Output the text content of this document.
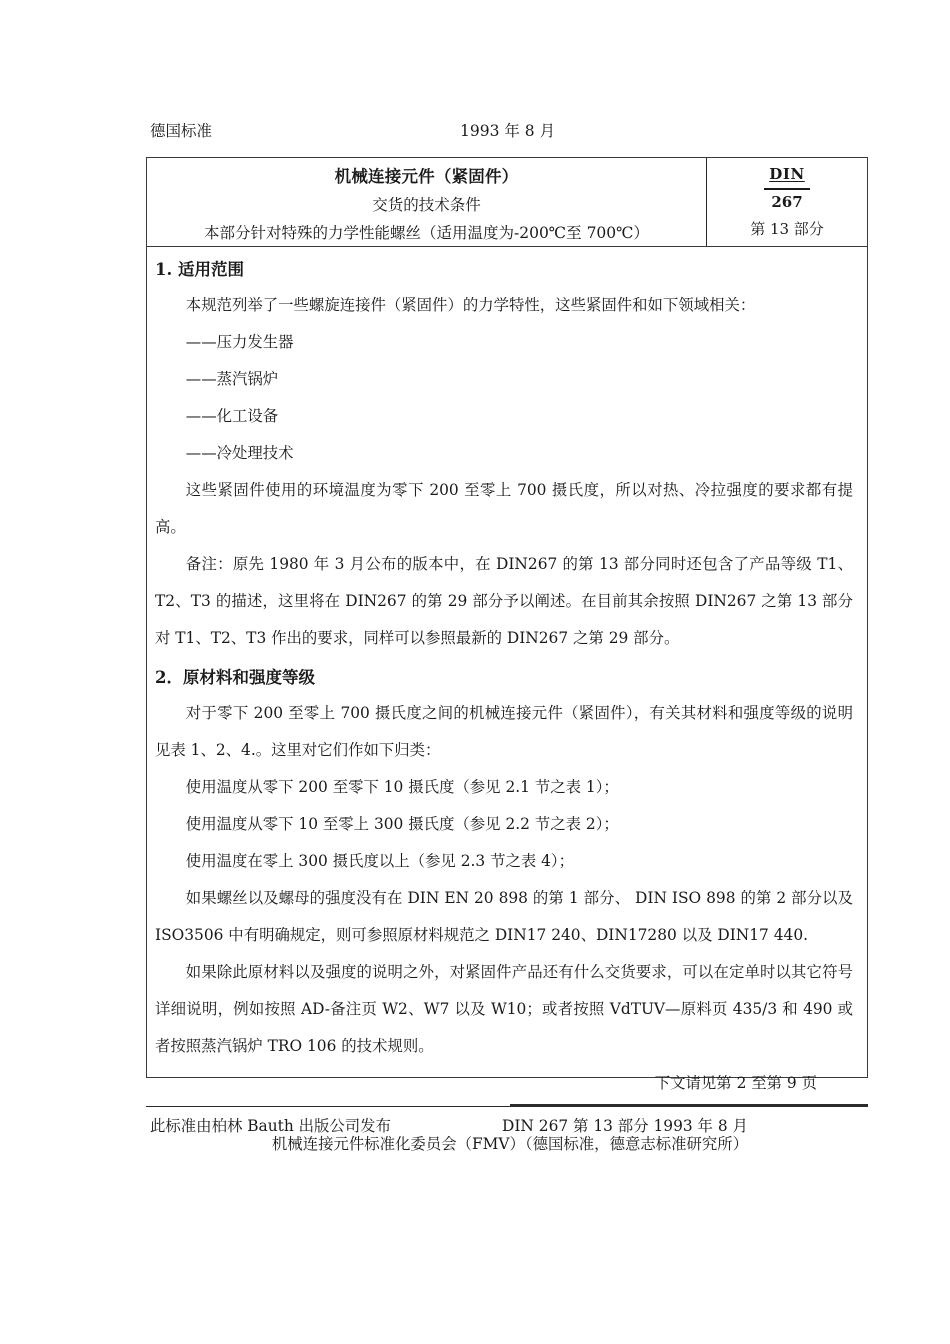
德国标准	1993 年 8 月
机械连接元件（紧固件）
交货的技术条件
本部分针对特殊的力学性能螺丝（适用温度为-200℃至 700℃）
DIN
267
第 13 部分

1. 适用范围

本规范列举了一些螺旋连接件（紧固件）的力学特性，这些紧固件和如下领域相关：

——压力发生器

——蒸汽锅炉

——化工设备

——冷处理技术

这些紧固件使用的环境温度为零下 200 至零上 700 摄氏度，所以对热、冷拉强度的要求都有提高。

备注：原先 1980 年 3 月公布的版本中，在 DIN267 的第 13 部分同时还包含了产品等级 T1、T2、T3 的描述，这里将在 DIN267 的第 29 部分予以阐述。在目前其余按照 DIN267 之第 13 部分对 T1、T2、T3 作出的要求，同样可以参照最新的 DIN267 之第 29 部分。

2．原材料和强度等级

对于零下 200 至零上 700 摄氏度之间的机械连接元件（紧固件），有关其材料和强度等级的说明见表 1、2、4.。这里对它们作如下归类：

使用温度从零下 200 至零下 10 摄氏度（参见 2.1 节之表 1）；

使用温度从零下 10 至零上 300 摄氏度（参见 2.2 节之表 2）；

使用温度在零上 300 摄氏度以上（参见 2.3 节之表 4）；

如果螺丝以及螺母的强度没有在 DIN EN 20 898 的第 1 部分、 DIN ISO 898 的第 2 部分以及 ISO3506 中有明确规定，则可参照原材料规范之 DIN17 240、DIN17280 以及 DIN17 440.

如果除此原材料以及强度的说明之外，对紧固件产品还有什么交货要求，可以在定单时以其它符号详细说明，例如按照 AD-备注页 W2、W7 以及 W10；或者按照 VdTUV—原料页 435/3 和 490 或者按照蒸汽锅炉 TRO 106 的技术规则。

下文请见第 2 至第 9 页

机械连接元件标准化委员会（FMV）（德国标准，德意志标准研究所）

此标准由柏林 Bauth 出版公司发布	DIN 267 第 13 部分 1993 年 8 月
